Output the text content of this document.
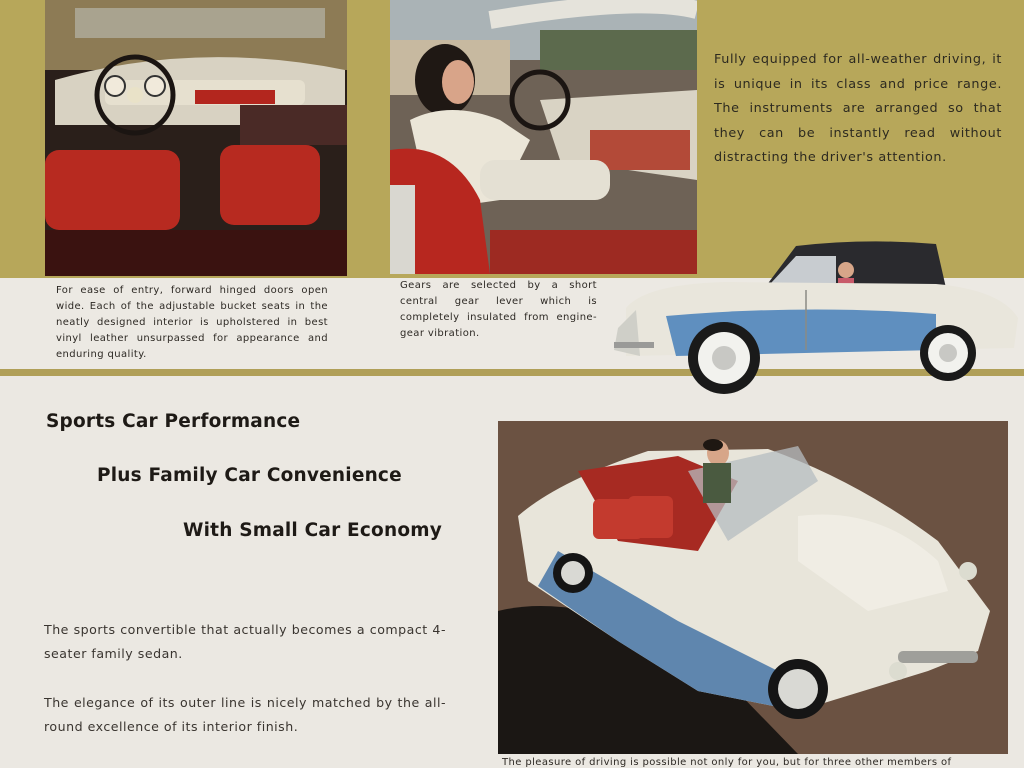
Fully equipped for all-weather driving, it is unique in its class and price range. The instruments are arranged so that they can be instantly read without distracting the driver's attention.
For ease of entry, forward hinged doors open wide. Each of the adjustable bucket seats in the neatly designed interior is upholstered in best vinyl leather unsurpassed for appearance and enduring quality.
Gears are selected by a short central gear lever which is completely insulated from engine-gear vibration.
Sports Car Performance
Plus Family Car Convenience
With Small Car Economy
The sports convertible that actually becomes a compact 4-seater family sedan.
The elegance of its outer line is nicely matched by the all-round excellence of its interior finish.
The pleasure of driving is possible not only for you, but for three other members of
